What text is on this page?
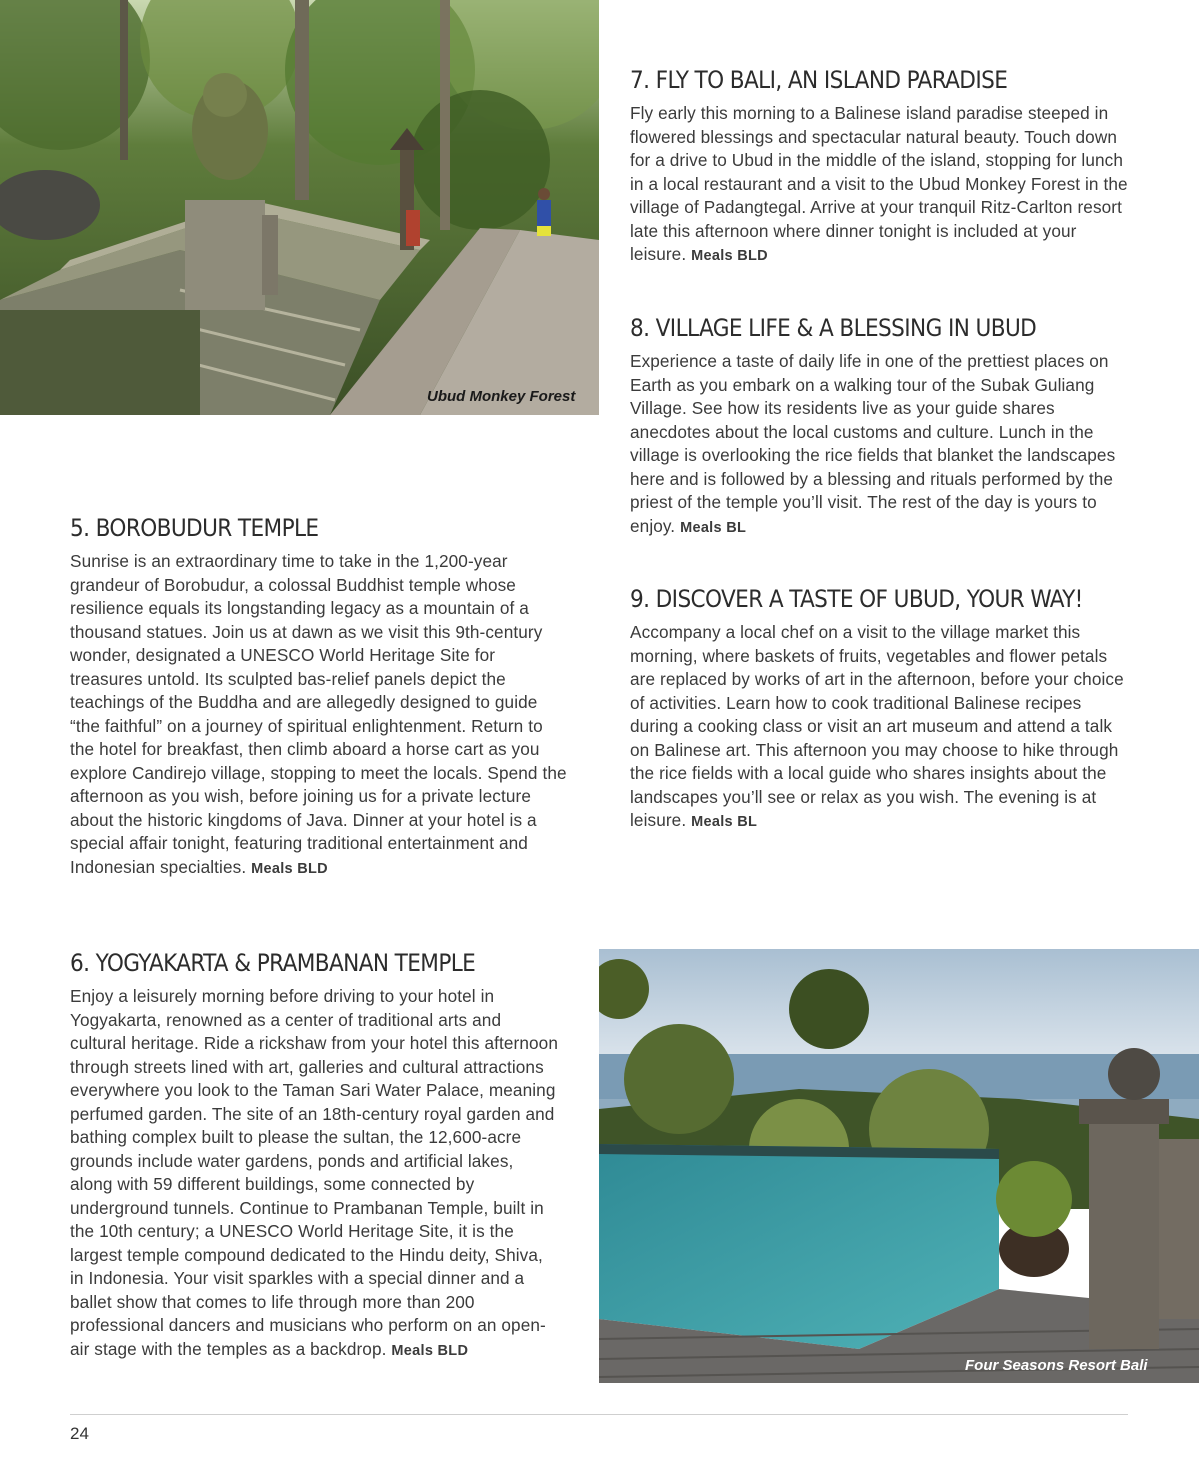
Ubud Monkey Forest
Four Seasons Resort Bali
7. FLY TO BALI, AN ISLAND PARADISE

Fly early this morning to a Balinese island paradise steeped in flowered blessings and spectacular natural beauty. Touch down for a drive to Ubud in the middle of the island, stopping for lunch in a local restaurant and a visit to the Ubud Monkey Forest in the village of Padangtegal. Arrive at your tranquil Ritz-Carlton resort late this afternoon where dinner tonight is included at your leisure. Meals BLD

8. VILLAGE LIFE & A BLESSING IN UBUD

Experience a taste of daily life in one of the prettiest places on Earth as you embark on a walking tour of the Subak Guliang Village. See how its residents live as your guide shares anecdotes about the local customs and culture. Lunch in the village is overlooking the rice fields that blanket the landscapes here and is followed by a blessing and rituals performed by the priest of the temple you’ll visit. The rest of the day is yours to enjoy. Meals BL

9. DISCOVER A TASTE OF UBUD, YOUR WAY!

Accompany a local chef on a visit to the village market this morning, where baskets of fruits, vegetables and flower petals are replaced by works of art in the afternoon, before your choice of activities. Learn how to cook traditional Balinese recipes during a cooking class or visit an art museum and attend a talk on Balinese art. This afternoon you may choose to hike through the rice fields with a local guide who shares insights about the landscapes you’ll see or relax as you wish. The evening is at leisure. Meals BL

5. BOROBUDUR TEMPLE

Sunrise is an extraordinary time to take in the 1,200-year grandeur of Borobudur, a colossal Buddhist temple whose resilience equals its longstanding legacy as a mountain of a thousand statues. Join us at dawn as we visit this 9th-century wonder, designated a UNESCO World Heritage Site for treasures untold. Its sculpted bas-relief panels depict the teachings of the Buddha and are allegedly designed to guide “the faithful” on a journey of spiritual enlightenment. Return to the hotel for breakfast, then climb aboard a horse cart as you explore Candirejo village, stopping to meet the locals. Spend the afternoon as you wish, before joining us for a private lecture about the historic kingdoms of Java. Dinner at your hotel is a special affair tonight, featuring traditional entertainment and Indonesian specialties. Meals BLD

6. YOGYAKARTA & PRAMBANAN TEMPLE

Enjoy a leisurely morning before driving to your hotel in Yogyakarta, renowned as a center of traditional arts and cultural heritage. Ride a rickshaw from your hotel this afternoon through streets lined with art, galleries and cultural attractions everywhere you look to the Taman Sari Water Palace, meaning perfumed garden. The site of an 18th-century royal garden and bathing complex built to please the sultan, the 12,600-acre grounds include water gardens, ponds and artificial lakes, along with 59 different buildings, some connected by underground tunnels. Continue to Prambanan Temple, built in the 10th century; a UNESCO World Heritage Site, it is the largest temple compound dedicated to the Hindu deity, Shiva, in Indonesia. Your visit sparkles with a special dinner and a ballet show that comes to life through more than 200 professional dancers and musicians who perform on an open-air stage with the temples as a backdrop. Meals BLD

24
